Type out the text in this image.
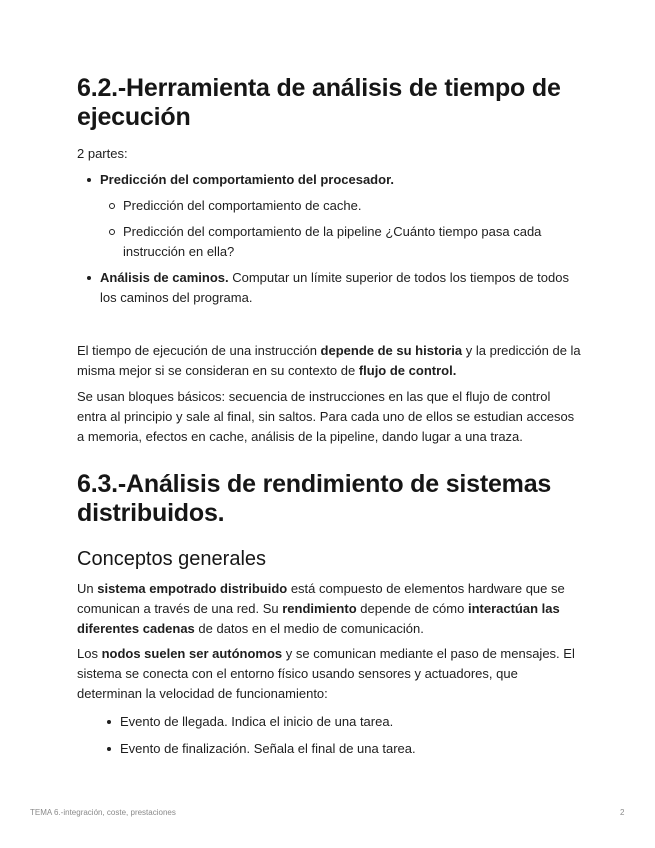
6.2.-Herramienta de análisis de tiempo de ejecución

2 partes:

Predicción del comportamiento del procesador.
Predicción del comportamiento de cache.
Predicción del comportamiento de la pipeline ¿Cuánto tiempo pasa cada instrucción en ella?
Análisis de caminos. Computar un límite superior de todos los tiempos de todos los caminos del programa.

El tiempo de ejecución de una instrucción depende de su historia y la predicción de la misma mejor si se consideran en su contexto de flujo de control.

Se usan bloques básicos: secuencia de instrucciones en las que el flujo de control entra al principio y sale al final, sin saltos. Para cada uno de ellos se estudian accesos a memoria, efectos en cache, análisis de la pipeline, dando lugar a una traza.

6.3.-Análisis de rendimiento de sistemas distribuidos.
Conceptos generales

Un sistema empotrado distribuido está compuesto de elementos hardware que se comunican a través de una red. Su rendimiento depende de cómo interactúan las diferentes cadenas de datos en el medio de comunicación.

Los nodos suelen ser autónomos y se comunican mediante el paso de mensajes. El sistema se conecta con el entorno físico usando sensores y actuadores, que determinan la velocidad de funcionamiento:

Evento de llegada. Indica el inicio de una tarea.
Evento de finalización. Señala el final de una tarea.
TEMA 6.-integración, coste, prestaciones	2
